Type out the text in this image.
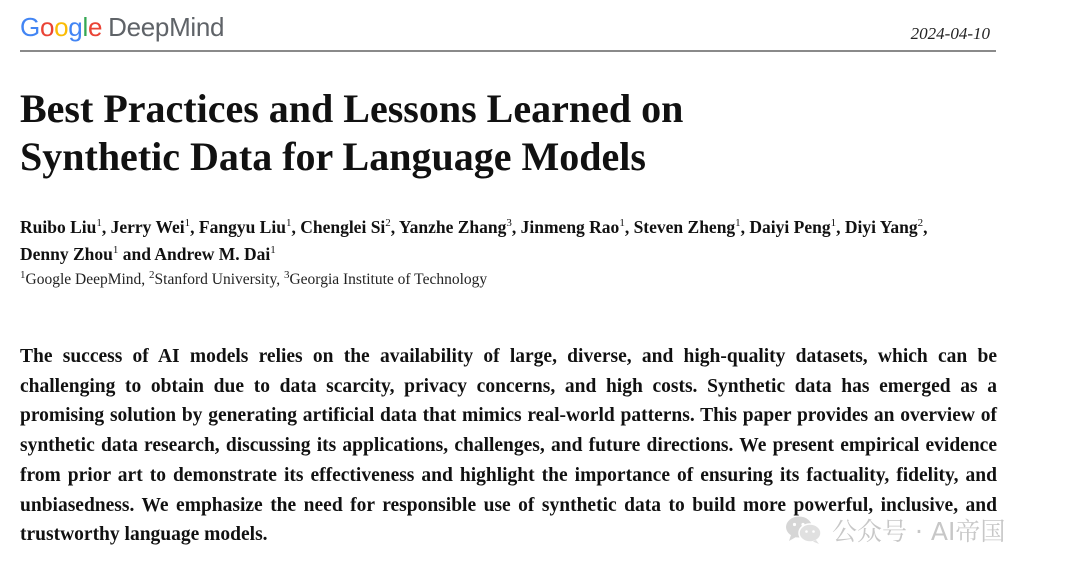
Google DeepMind	2024-04-10
Best Practices and Lessons Learned on
Synthetic Data for Language Models
Ruibo Liu$^1$, Jerry Wei$^1$, Fangyu Liu$^1$, Chenglei Si$^2$, Yanzhe Zhang$^3$, Jinmeng Rao$^1$, Steven Zheng$^1$, Daiyi Peng$^1$, Diyi Yang$^2$, Denny Zhou$^1$ and Andrew M. Dai$^1$
$^1$Google DeepMind, $^2$Stanford University, $^3$Georgia Institute of Technology

The success of AI models relies on the availability of large, diverse, and high-quality datasets, which can be challenging to obtain due to data scarcity, privacy concerns, and high costs. Synthetic data has emerged as a promising solution by generating artificial data that mimics real-world patterns. This paper provides an overview of synthetic data research, discussing its applications, challenges, and future directions. We present empirical evidence from prior art to demonstrate its effectiveness and highlight the importance of ensuring its factuality, fidelity, and unbiasedness. We emphasize the need for responsible use of synthetic data to build more powerful, inclusive, and trustworthy language models.	公众号 · AI帝国
